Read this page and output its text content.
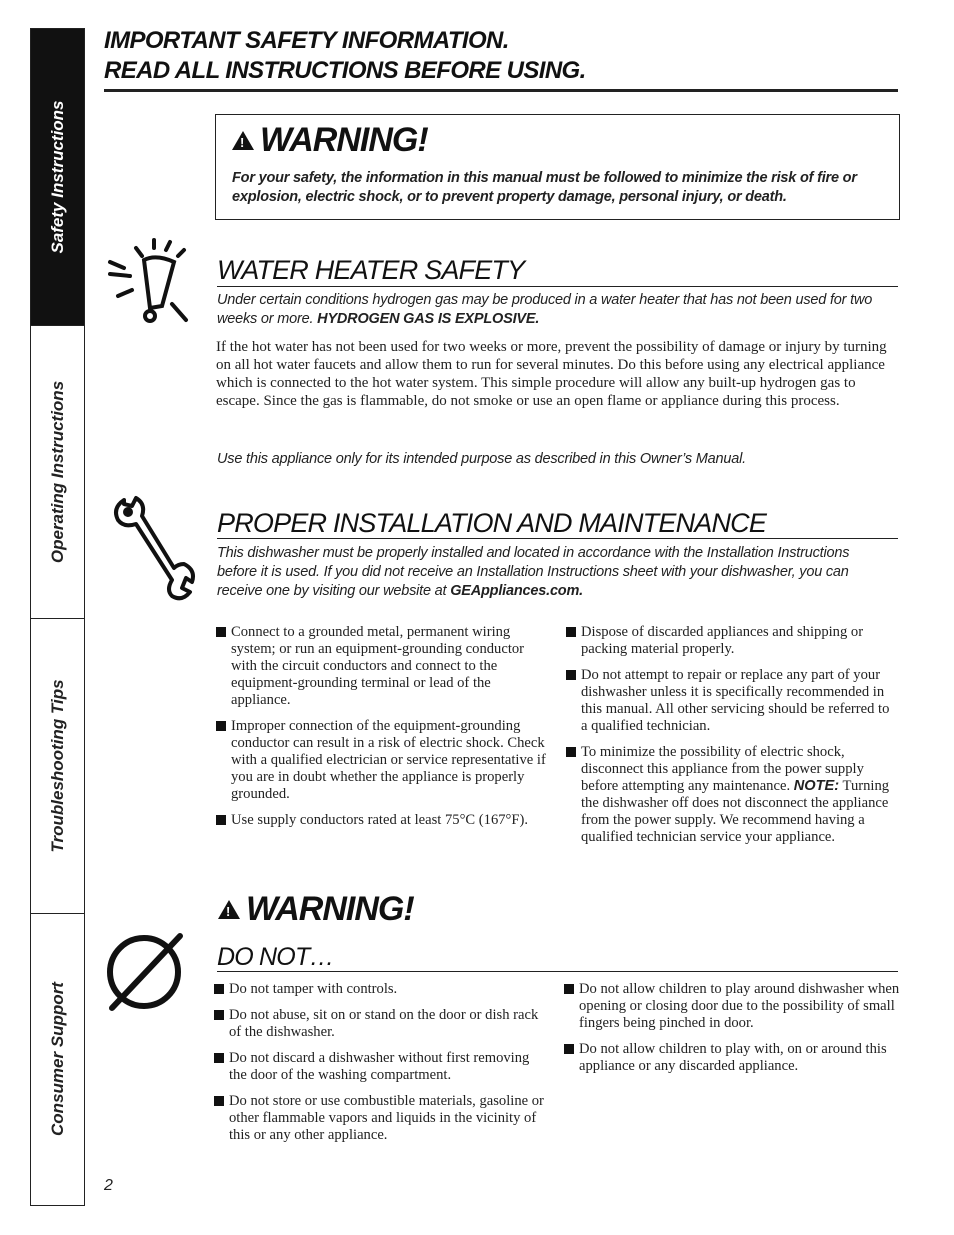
Safety Instructions
Operating Instructions
Troubleshooting Tips
Consumer Support
IMPORTANT SAFETY INFORMATION.
READ ALL INSTRUCTIONS BEFORE USING.
!
WARNING!
For your safety, the information in this manual must be followed to minimize the risk of fire or explosion, electric shock, or to prevent property damage, personal injury, or death.
WATER HEATER SAFETY
Under certain conditions hydrogen gas may be produced in a water heater that has not been used for two weeks or more. HYDROGEN GAS IS EXPLOSIVE.
If the hot water has not been used for two weeks or more, prevent the possibility of damage or injury by turning on all hot water faucets and allow them to run for several minutes. Do this before using any electrical appliance which is connected to the hot water system. This simple procedure will allow any built-up hydrogen gas to escape. Since the gas is flammable, do not smoke or use an open flame or appliance during this process.
Use this appliance only for its intended purpose as described in this Owner’s Manual.
PROPER INSTALLATION AND MAINTENANCE
This dishwasher must be properly installed and located in accordance with the Installation Instructions before it is used. If you did not receive an Installation Instructions sheet with your dishwasher, you can receive one by visiting our website at GEAppliances.com.
Connect to a grounded metal, permanent wiring system; or run an equipment-grounding conductor with the circuit conductors and connect to the equipment-grounding terminal or lead of the appliance.
Improper connection of the equipment-grounding conductor can result in a risk of electric shock. Check with a qualified electrician or service representative if you are in doubt whether the appliance is properly grounded.
Use supply conductors rated at least 75°C (167°F).
Dispose of discarded appliances and shipping or packing material properly.
Do not attempt to repair or replace any part of your dishwasher unless it is specifically recommended in this manual. All other servicing should be referred to a qualified technician.
To minimize the possibility of electric shock, disconnect this appliance from the power supply before attempting any maintenance. NOTE: Turning the dishwasher off does not disconnect the appliance from the power supply. We recommend having a qualified technician service your appliance.
!
WARNING!
DO NOT…
Do not tamper with controls.
Do not abuse, sit on or stand on the door or dish rack of the dishwasher.
Do not discard a dishwasher without first removing the door of the washing compartment.
Do not store or use combustible materials, gasoline or other flammable vapors and liquids in the vicinity of this or any other appliance.
Do not allow children to play around dishwasher when opening or closing door due to the possibility of small fingers being pinched in door.
Do not allow children to play with, on or around this appliance or any discarded appliance.
2
